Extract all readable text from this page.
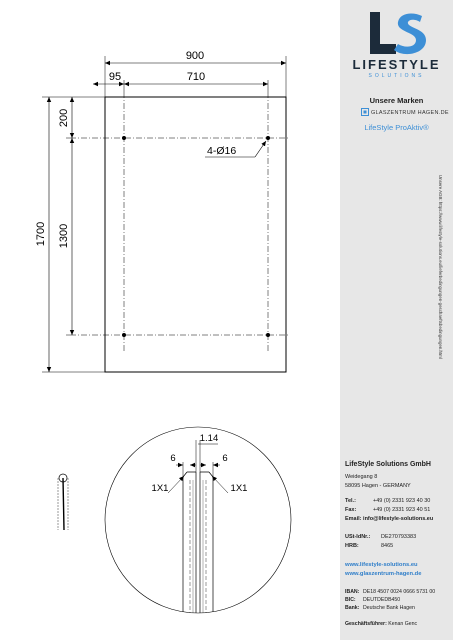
900
95	710
1700
200
1300
4-Ø16
1.14
6	6
1X1	1X1
LIFESTYLE
SOLUTIONS
Unsere Marken
GLASZENTRUM HAGEN.DE
LifeStyle ProAktiv®
LifeStyle Solutions GmbH
Weidegang 8
58095 Hagen - GERMANY
Tel.:	+49 (0) 2331 923 40 30
Fax:	+49 (0) 2331 923 40 51
Email: info@lifestyle-solutions.eu
USt-IdNr.: DE270793383
HRB:	8465
www.lifestyle-solutions.eu
www.glaszentrum-hagen.de
IBAN: DE18 4507 0024 0666 5731 00
BIC: DEUTDEDB450
Bank: Deutsche Bank Hagen
Geschäftsführer: Kenan Genc
Unsere AGB: https://www.lifestyle-solutions.eu/lieferbedingungen-geschaeftsbedingungen.html
